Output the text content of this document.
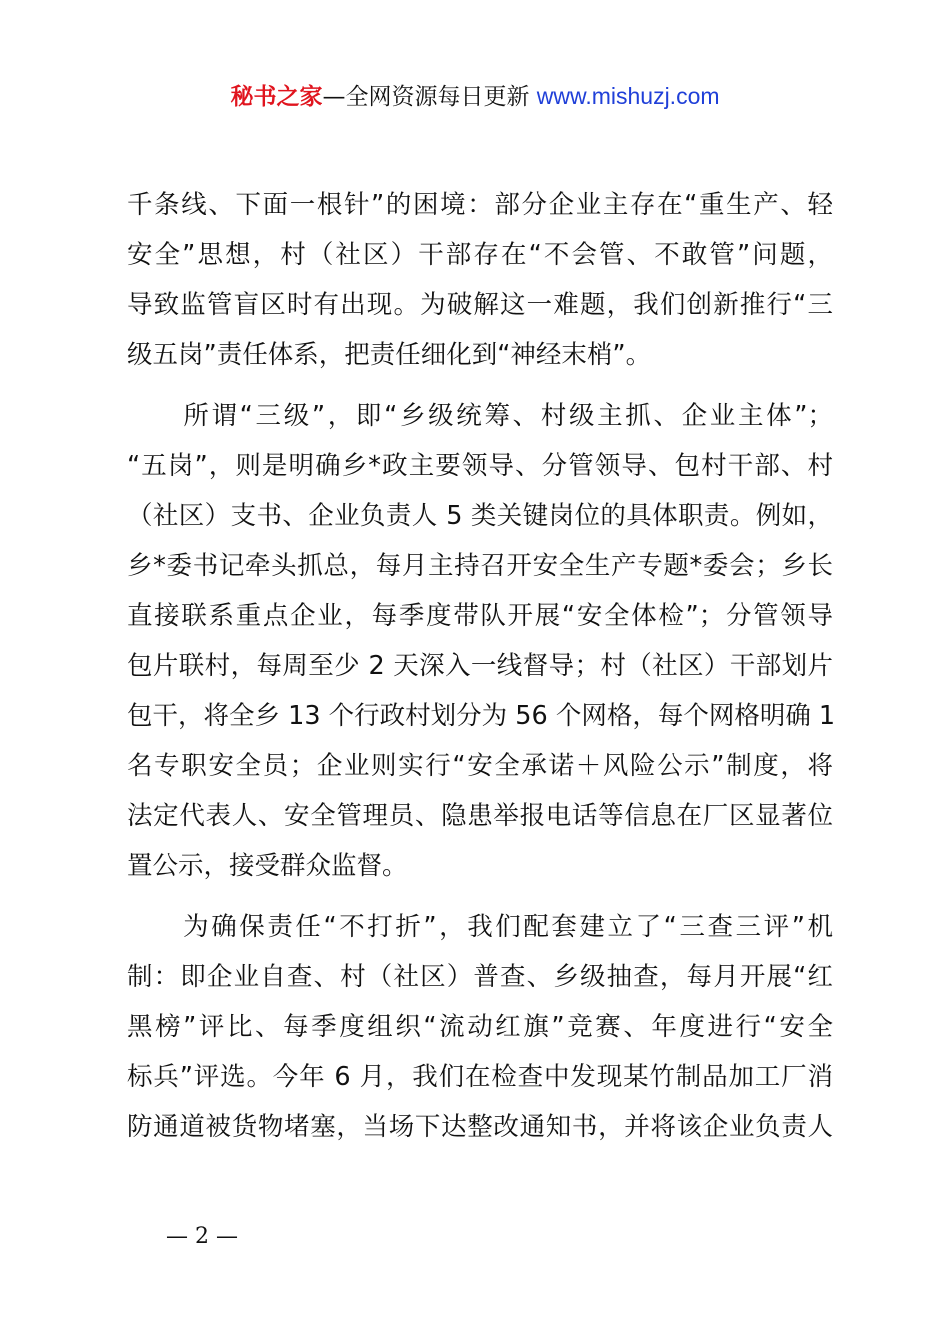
秘书之家—全网资源每日更新 www.mishuzj.com
千条线、下面一根针”的困境：部分企业主存在“重生产、轻
安全”思想，村（社区）干部存在“不会管、不敢管”问题，
导致监管盲区时有出现。为破解这一难题，我们创新推行“三
级五岗”责任体系，把责任细化到“神经末梢”。
　　所谓“三级”，即“乡级统筹、村级主抓、企业主体”；
“五岗”，则是明确乡*政主要领导、分管领导、包村干部、村
（社区）支书、企业负责人 5 类关键岗位的具体职责。例如，
乡*委书记牵头抓总，每月主持召开安全生产专题*委会；乡长
直接联系重点企业，每季度带队开展“安全体检”；分管领导
包片联村，每周至少 2 天深入一线督导；村（社区）干部划片
包干，将全乡 13 个行政村划分为 56 个网格，每个网格明确 1
名专职安全员；企业则实行“安全承诺＋风险公示”制度，将
法定代表人、安全管理员、隐患举报电话等信息在厂区显著位
置公示，接受群众监督。
　　为确保责任“不打折”，我们配套建立了“三查三评”机
制：即企业自查、村（社区）普查、乡级抽查，每月开展“红
黑榜”评比、每季度组织“流动红旗”竞赛、年度进行“安全
标兵”评选。今年 6 月，我们在检查中发现某竹制品加工厂消
防通道被货物堵塞，当场下达整改通知书，并将该企业负责人
— 2 —
